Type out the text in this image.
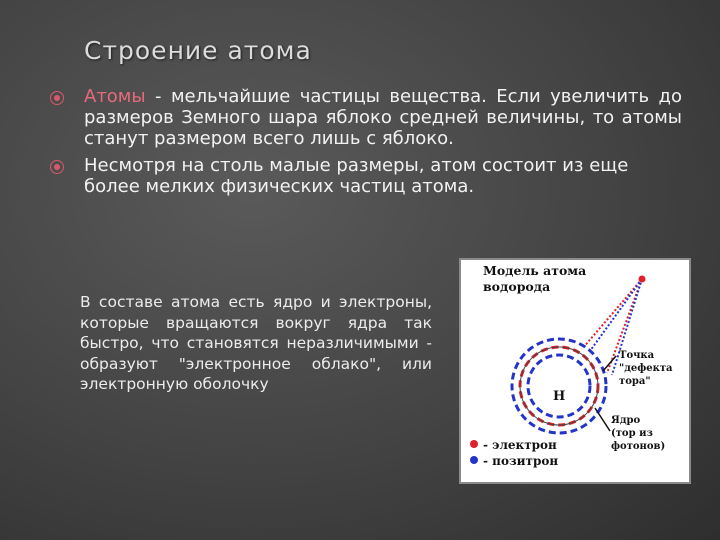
Строение атома
Атомы - мельчайшие частицы вещества. Если увеличить до размеров Земного шара яблоко средней величины, то атомы станут размером всего лишь с яблоко.
Несмотря на столь малые размеры, атом состоит из еще более мелких физических частиц атома.
В составе атома есть ядро и электроны, которые вращаются вокруг ядра так быстро, что становятся неразличимыми - образуют "электронное облако", или электронную оболочку
Модель атома
водорода
H
Точка
"дефекта
тора"
Ядро
(тор из
фотонов)
- электрон
- позитрон
